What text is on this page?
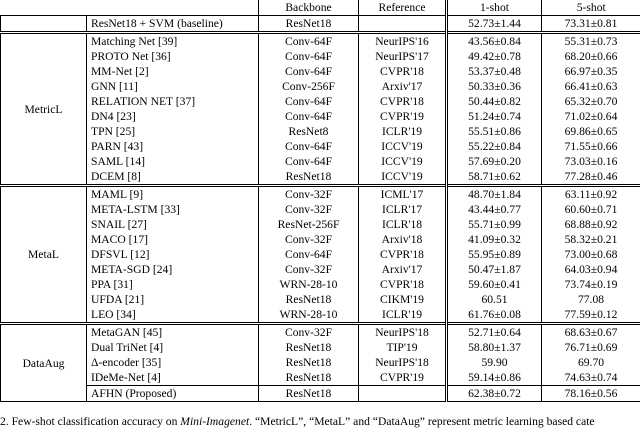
		Backbone	Reference	1-shot	5-shot
	ResNet18 + SVM (baseline)	ResNet18		52.73±1.44	73.31±0.81
MetricL	Matching Net [39]	Conv-64F	NeurIPS'16	43.56±0.84	55.31±0.73
	PROTO Net [36]	Conv-64F	NeurIPS'17	49.42±0.78	68.20±0.66
	MM-Net [2]	Conv-64F	CVPR'18	53.37±0.48	66.97±0.35
	GNN [11]	Conv-256F	Arxiv'17	50.33±0.36	66.41±0.63
	RELATION NET [37]	Conv-64F	CVPR'18	50.44±0.82	65.32±0.70
	DN4 [23]	Conv-64F	CVPR'19	51.24±0.74	71.02±0.64
	TPN [25]	ResNet8	ICLR'19	55.51±0.86	69.86±0.65
	PARN [43]	Conv-64F	ICCV'19	55.22±0.84	71.55±0.66
	SAML [14]	Conv-64F	ICCV'19	57.69±0.20	73.03±0.16
	DCEM [8]	ResNet18	ICCV'19	58.71±0.62	77.28±0.46
MetaL	MAML [9]	Conv-32F	ICML'17	48.70±1.84	63.11±0.92
	META-LSTM [33]	Conv-32F	ICLR'17	43.44±0.77	60.60±0.71
	SNAIL [27]	ResNet-256F	ICLR'18	55.71±0.99	68.88±0.92
	MACO [17]	Conv-32F	Arxiv'18	41.09±0.32	58.32±0.21
	DFSVL [12]	Conv-64F	CVPR'18	55.95±0.89	73.00±0.68
	META-SGD [24]	Conv-32F	Arxiv'17	50.47±1.87	64.03±0.94
	PPA [31]	WRN-28-10	CVPR'18	59.60±0.41	73.74±0.19
	UFDA [21]	ResNet18	CIKM'19	60.51	77.08
	LEO [34]	WRN-28-10	ICLR'19	61.76±0.08	77.59±0.12
DataAug	MetaGAN [45]	Conv-32F	NeurIPS'18	52.71±0.64	68.63±0.67
	Dual TriNet [4]	ResNet18	TIP'19	58.80±1.37	76.71±0.69
	Δ-encoder [35]	ResNet18	NeurIPS'18	59.90	69.70
	IDeMe-Net [4]	ResNet18	CVPR'19	59.14±0.86	74.63±0.74
	AFHN (Proposed)	ResNet18		62.38±0.72	78.16±0.56
2. Few-shot classification accuracy on Mini-Imagenet. “MetricL”, “MetaL” and “DataAug” represent metric learning based cate
